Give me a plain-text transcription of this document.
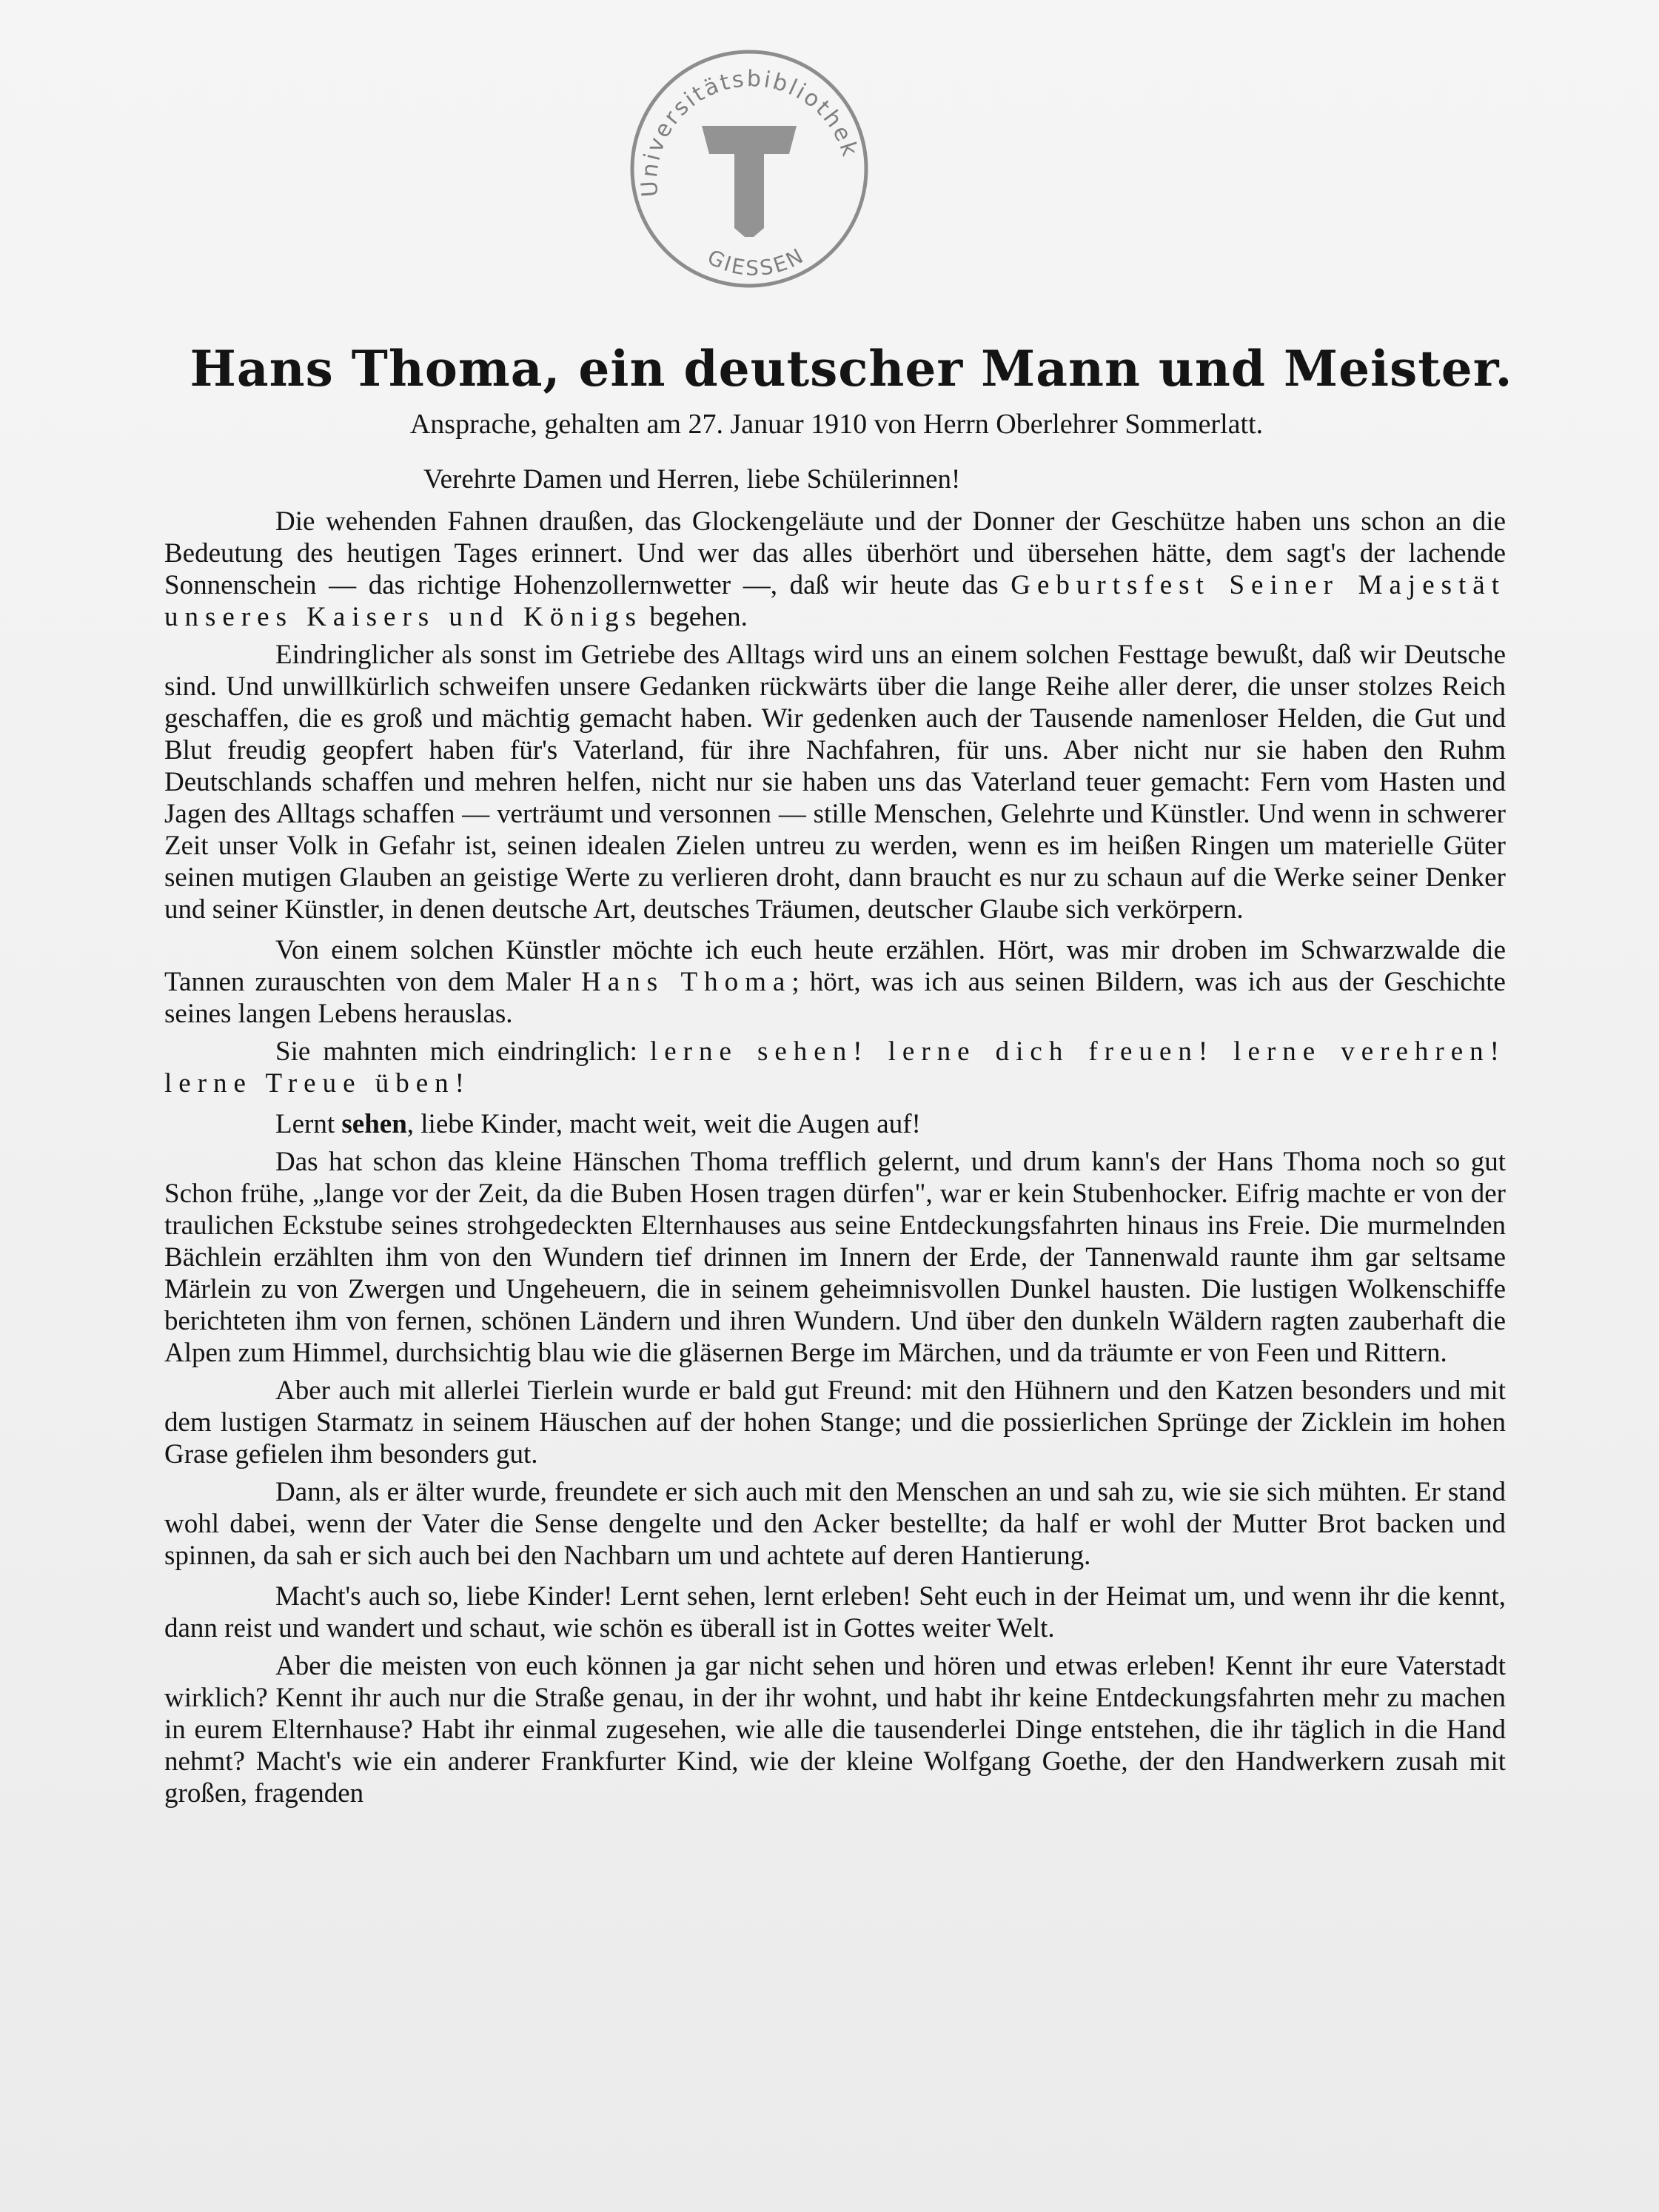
Universitätsbibliothek
GIESSEN
Hans Thoma, ein deutscher Mann und Meister.
Ansprache, gehalten am 27. Januar 1910 von Herrn Oberlehrer Sommerlatt.

Verehrte Damen und Herren, liebe Schülerinnen!

Die wehenden Fahnen draußen, das Glockengeläute und der Donner der Geschütze haben uns schon an die Bedeutung des heutigen Tages erinnert. Und wer das alles überhört und übersehen hätte, dem sagt's der lachende Sonnenschein — das richtige Hohenzollernwetter —, daß wir heute das Geburtsfest Seiner Majestät unseres Kaisers und Königs begehen.

Eindringlicher als sonst im Getriebe des Alltags wird uns an einem solchen Festtage bewußt, daß wir Deutsche sind. Und unwillkürlich schweifen unsere Gedanken rückwärts über die lange Reihe aller derer, die unser stolzes Reich geschaffen, die es groß und mächtig gemacht haben. Wir gedenken auch der Tausende namenloser Helden, die Gut und Blut freudig geopfert haben für's Vaterland, für ihre Nachfahren, für uns. Aber nicht nur sie haben den Ruhm Deutschlands schaffen und mehren helfen, nicht nur sie haben uns das Vaterland teuer gemacht: Fern vom Hasten und Jagen des Alltags schaffen — verträumt und versonnen — stille Menschen, Gelehrte und Künstler. Und wenn in schwerer Zeit unser Volk in Gefahr ist, seinen idealen Zielen untreu zu werden, wenn es im heißen Ringen um materielle Güter seinen mutigen Glauben an geistige Werte zu verlieren droht, dann braucht es nur zu schaun auf die Werke seiner Denker und seiner Künstler, in denen deutsche Art, deutsches Träumen, deutscher Glaube sich verkörpern.

Von einem solchen Künstler möchte ich euch heute erzählen. Hört, was mir droben im Schwarzwalde die Tannen zurauschten von dem Maler Hans Thoma; hört, was ich aus seinen Bildern, was ich aus der Geschichte seines langen Lebens herauslas.

Sie mahnten mich eindringlich: lerne sehen! lerne dich freuen! lerne verehren! lerne Treue üben!

Lernt sehen, liebe Kinder, macht weit, weit die Augen auf!

Das hat schon das kleine Hänschen Thoma trefflich gelernt, und drum kann's der Hans Thoma noch so gut Schon frühe, „lange vor der Zeit, da die Buben Hosen tragen dürfen", war er kein Stubenhocker. Eifrig machte er von der traulichen Eckstube seines strohgedeckten Elternhauses aus seine Entdeckungsfahrten hinaus ins Freie. Die murmelnden Bächlein erzählten ihm von den Wundern tief drinnen im Innern der Erde, der Tannenwald raunte ihm gar seltsame Märlein zu von Zwergen und Ungeheuern, die in seinem geheimnisvollen Dunkel hausten. Die lustigen Wolkenschiffe berichteten ihm von fernen, schönen Ländern und ihren Wundern. Und über den dunkeln Wäldern ragten zauberhaft die Alpen zum Himmel, durchsichtig blau wie die gläsernen Berge im Märchen, und da träumte er von Feen und Rittern.

Aber auch mit allerlei Tierlein wurde er bald gut Freund: mit den Hühnern und den Katzen besonders und mit dem lustigen Starmatz in seinem Häuschen auf der hohen Stange; und die possierlichen Sprünge der Zicklein im hohen Grase gefielen ihm besonders gut.

Dann, als er älter wurde, freundete er sich auch mit den Menschen an und sah zu, wie sie sich mühten. Er stand wohl dabei, wenn der Vater die Sense dengelte und den Acker bestellte; da half er wohl der Mutter Brot backen und spinnen, da sah er sich auch bei den Nachbarn um und achtete auf deren Hantierung.

Macht's auch so, liebe Kinder! Lernt sehen, lernt erleben! Seht euch in der Heimat um, und wenn ihr die kennt, dann reist und wandert und schaut, wie schön es überall ist in Gottes weiter Welt.

Aber die meisten von euch können ja gar nicht sehen und hören und etwas erleben! Kennt ihr eure Vaterstadt wirklich? Kennt ihr auch nur die Straße genau, in der ihr wohnt, und habt ihr keine Entdeckungsfahrten mehr zu machen in eurem Elternhause? Habt ihr einmal zugesehen, wie alle die tausenderlei Dinge entstehen, die ihr täglich in die Hand nehmt? Macht's wie ein anderer Frankfurter Kind, wie der kleine Wolfgang Goethe, der den Handwerkern zusah mit großen, fragenden
